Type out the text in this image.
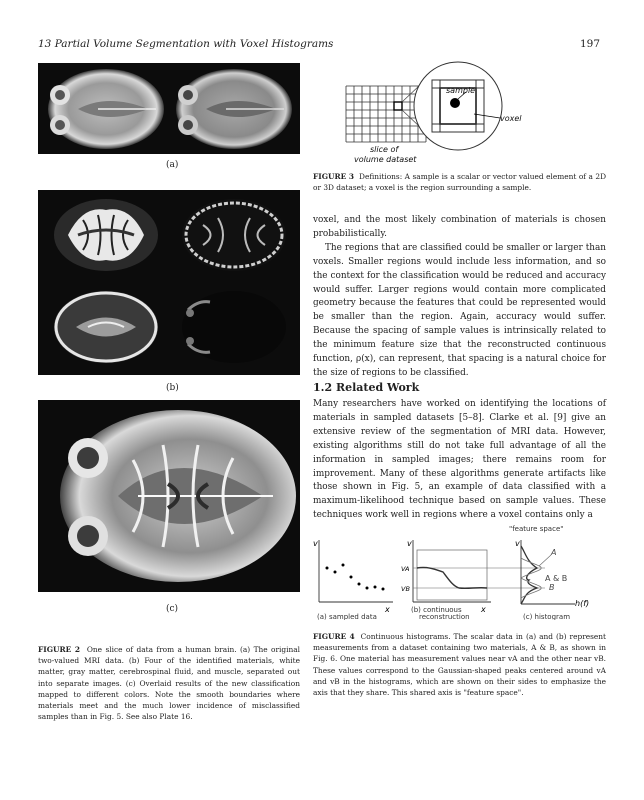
13 Partial Volume Segmentation with Voxel Histograms	197
(a)
(b)
(c)
FIGURE 2 One slice of data from a human brain. (a) The original two-valued MRI data. (b) Four of the identified materials, white matter, gray matter, cerebrospinal fluid, and muscle, separated out into separate images. (c) Overlaid results of the new classification mapped to different colors. Note the smooth boundaries where materials meet and the much lower incidence of misclassified samples than in Fig. 5. See also Plate 16.
sample
voxel
slice of
volume dataset
FIGURE 3 Definitions: A sample is a scalar or vector valued element of a 2D or 3D dataset; a voxel is the region surrounding a sample.

voxel, and the most likely combination of materials is chosen probabilistically.

The regions that are classified could be smaller or larger than voxels. Smaller regions would include less information, and so the context for the classification would be reduced and accuracy would suffer. Larger regions would contain more complicated geometry because the features that could be represented would be smaller than the region. Again, accuracy would suffer. Because the spacing of sample values is intrinsically related to the minimum feature size that the reconstructed continuous function, ρ(x), can represent, that spacing is a natural choice for the size of regions to be classified.

1.2 Related Work

Many researchers have worked on identifying the locations of materials in sampled datasets [5–8]. Clarke et al. [9] give an extensive review of the segmentation of MRI data. However, existing algorithms still do not take full advantage of all the information in sampled images; there remains room for improvement. Many of these algorithms generate artifacts like those shown in Fig. 5, an example of data classified with a maximum-likelihood technique based on sample values. These techniques work well in regions where a voxel contains only a

v
x
(a) sampled data
v
x
VA
VB
(b) continuous
reconstruction
"feature space"
v
A
A & B
B
h(f)
(c) histogram
FIGURE 4 Continuous histograms. The scalar data in (a) and (b) represent measurements from a dataset containing two materials, A & B, as shown in Fig. 6. One material has measurement values near vA and the other near vB. These values correspond to the Gaussian-shaped peaks centered around vA and vB in the histograms, which are shown on their sides to emphasize the axis that they share. This shared axis is "feature space".
